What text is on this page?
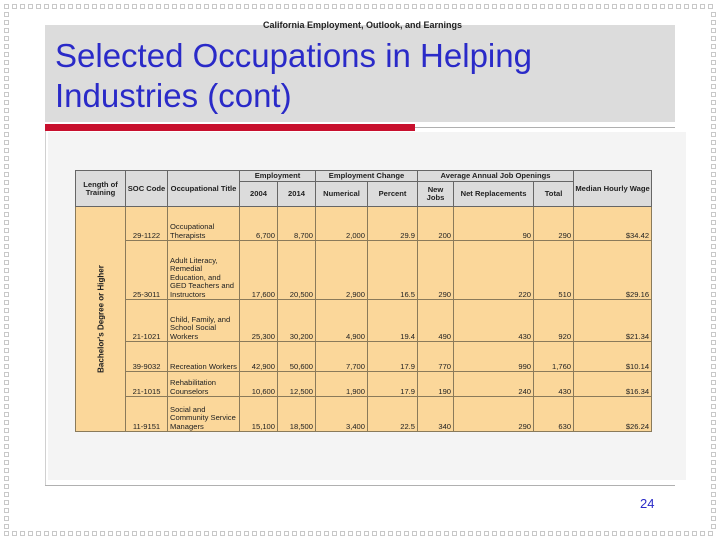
Selected Occupations in Helping
Industries (cont)
California Employment, Outlook, and Earnings
Length of Training	SOC Code	Occupational Title	Employment		Employment Change		Average Annual Job Openings			Median Hourly Wage
			2004	2014	Numerical	Percent	New Jobs	Net Replacements	Total	

Bachelor's Degree or Higher	29-1122	Occupational Therapists	6,700	8,700	2,000	29.9	200	90	290	$34.42
	25-3011	Adult Literacy, Remedial Education, and GED Teachers and Instructors	17,600	20,500	2,900	16.5	290	220	510	$29.16
	21-1021	Child, Family, and School Social Workers	25,300	30,200	4,900	19.4	490	430	920	$21.34
	39-9032	Recreation Workers	42,900	50,600	7,700	17.9	770	990	1,760	$10.14
	21-1015	Rehabilitation Counselors	10,600	12,500	1,900	17.9	190	240	430	$16.34
	11-9151	Social and Community Service Managers	15,100	18,500	3,400	22.5	340	290	630	$26.24
24
